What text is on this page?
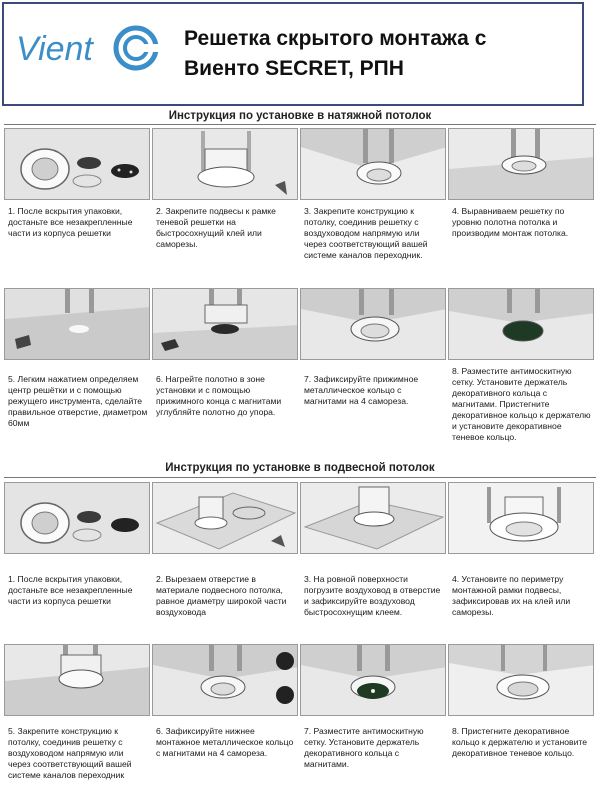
Vient	Решетка скрытого монтажа с
Виенто SECRET, РПН
Инструкция по установке в натяжной потолок
1. После вскрытия упаковки, достаньте все незакрепленные части из корпуса решетки
2. Закрепите подвесы к рамке теневой решетки на быстросохнущий клей или саморезы.
3. Закрепите конструкцию к потолку, соединив решетку с воздуховодом напрямую или через соответствующий вашей системе каналов переходник.
4. Выравниваем решетку по уровню полотна потолка и производим монтаж потолка.
5. Легким нажатием определяем центр решётки и с помощью режущего инструмента, сделайте правильное отверстие, диаметром 60мм
6. Нагрейте полотно в зоне установки и с помощью прижимного конца с магнитами углубляйте полотно до упора.
7. Зафиксируйте прижимное металлическое кольцо с магнитами на 4 самореза.
8. Разместите антимоскитную сетку. Установите держатель декоративного кольца с магнитами. Пристегните декоративное кольцо к держателю и установите декоративное теневое кольцо.
Инструкция по установке в подвесной потолок
1. После вскрытия упаковки, достаньте все незакрепленные части из корпуса решетки
2. Вырезаем отверстие в материале подвесного потолка, равное диаметру широкой части воздуховода
3. На ровной поверхности погрузите воздуховод в отверстие и зафиксируйте воздуховод быстросохнущим клеем.
4. Установите по периметру монтажной рамки подвесы, зафиксировав их на клей или саморезы.
5. Закрепите конструкцию к потолку, соединив решетку с воздуховодом напрямую или через соответствующий вашей системе каналов переходник
6. Зафиксируйте нижнее монтажное металлическое кольцо с магнитами на 4 самореза.
7. Разместите антимоскитную сетку. Установите держатель декоративного кольца с магнитами.
8. Пристегните декоративное кольцо к держателю и установите декоративное теневое кольцо.
